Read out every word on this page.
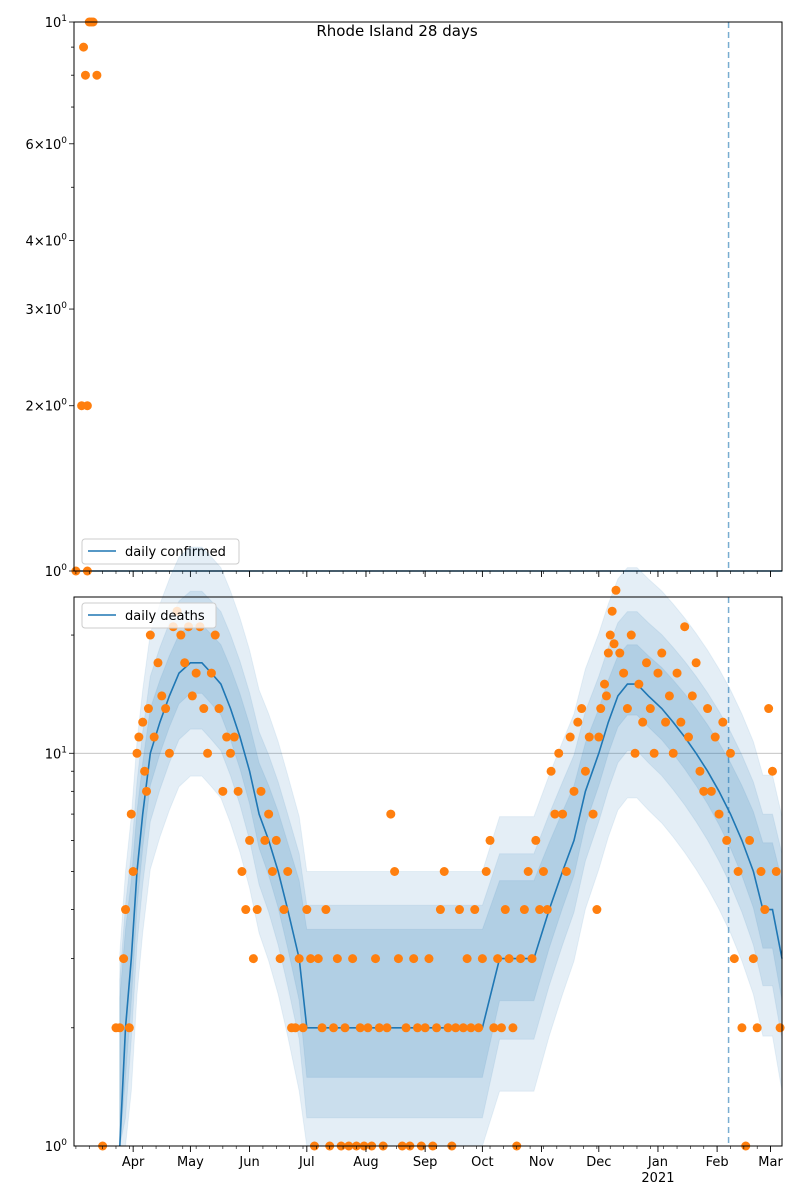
$10^0$
$2\times 10^0$
$3\times 10^0$
$4\times 10^0$
$6\times 10^0$
$10^1$
Rhode Island 28 days
daily confirmed
$10^1$
$10^0$
Apr	May	Jun	Jul	Aug	Sep	Oct	Nov Dec	Jan
2021
Feb Mar
daily deaths
